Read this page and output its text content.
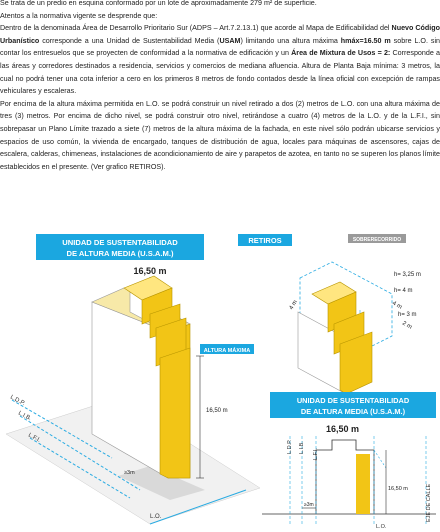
Se trata de un predio en esquina conformado por un lote de aproximadamente 279 m² de superficie.

Atentos a la normativa vigente se desprende que:

Dentro de la denominada Área de Desarrollo Prioritario Sur (ADPS – Art.7.2.13.1) que acorde al Mapa de Edificabilidad del Nuevo Código Urbanístico corresponde a una Unidad de Sustentabilidad Media (USAM) limitando una altura máxima hmáx=16.50 m sobre L.O. sin contar los entresuelos que se proyecten de conformidad a la normativa de edificación y un Área de Mixtura de Usos = 2: Corresponde a las áreas y corredores destinados a residencia, servicios y comercios de mediana afluencia. Altura de Planta Baja mínima: 3 metros, la cual no podrá tener una cota inferior a cero en los primeros 8 metros de fondo contados desde la línea oficial con excepción de rampas vehiculares y escaleras.

Por encima de la altura máxima permitida en L.O. se podrá construir un nivel retirado a dos (2) metros de L.O. con una altura máxima de tres (3) metros. Por encima de dicho nivel, se podrá construir otro nivel, retirándose a cuatro (4) metros de la L.O. y de la L.F.I., sin sobrepasar un Plano Límite trazado a siete (7) metros de la altura máxima de la fachada, en este nivel sólo podrán ubicarse servicios y espacios de uso común, la vivienda de encargado, tanques de distribución de agua, locales para máquinas de ascensores, cajas de escalera, calderas, chimeneas, instalaciones de acondicionamiento de aire y parapetos de azotea, en tanto no se superen los planos límite establecidos en el presente. (Ver grafico RETIROS).

UNIDAD DE SUSTENTABILIDAD
DE ALTURA MEDIA (U.S.A.M.)
16,50 m
ALTURA MÁXIMA
16,50 m
≥3m
L.D.P.
L.I.B.
L.F.I.
L.O.
RETIROS	SOBRERECORRIDO
h= 3,25 m
h= 4 m
h= 3 m
4 m
2 m
4 m
UNIDAD DE SUSTENTABILIDAD
DE ALTURA MEDIA (U.S.A.M.)
16,50 m
L.D.P. L.I.B.
L.F.I.
L.O.
16,50 m
≥3m	EJE DE CALLE
